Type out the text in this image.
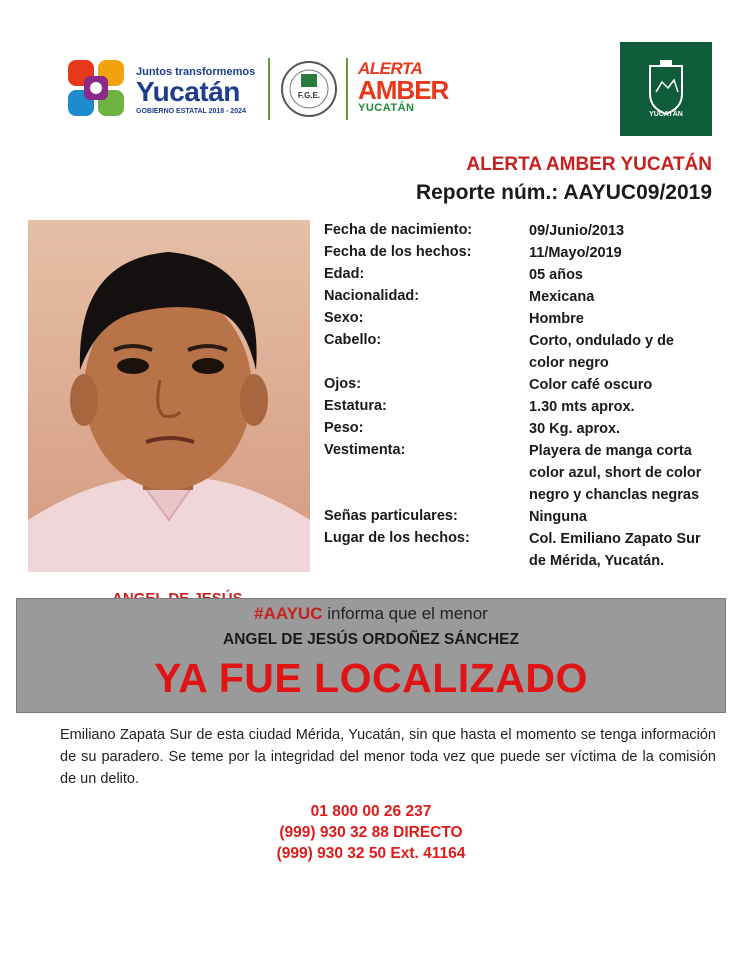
Juntos transformemos
Yucatán
GOBIERNO ESTATAL 2018 - 2024
F.G.E.
ALERTA
AMBER
YUCATÁN
YUCATÁN
ALERTA AMBER YUCATÁN
Reporte núm.: AAYUC09/2019
Fecha de nacimiento:	09/Junio/2013
Fecha de los hechos:	11/Mayo/2019
Edad:	05 años
Nacionalidad:	Mexicana
Sexo:	Hombre
Cabello:	Corto, ondulado y de color negro
Ojos:	Color café oscuro
Estatura:	1.30 mts aprox.
Peso:	30 Kg. aprox.
Vestimenta:	Playera de manga corta color azul, short de color negro y chanclas negras
Señas particulares:	Ninguna
Lugar de los hechos:	Col. Emiliano Zapato Sur de Mérida, Yucatán.
Emiliano Zapata Sur de esta ciudad Mérida, Yucatán, sin que hasta el momento se tenga información de su paradero. Se teme por la integridad del menor toda vez que puede ser víctima de la comisión de un delito.
#AAYUC informa que el menor
ANGEL DE JESÚS ORDOÑEZ SÁNCHEZ
YA FUE LOCALIZADO
01 800 00 26 237
(999) 930 32 88 DIRECTO
(999) 930 32 50 Ext. 41164
